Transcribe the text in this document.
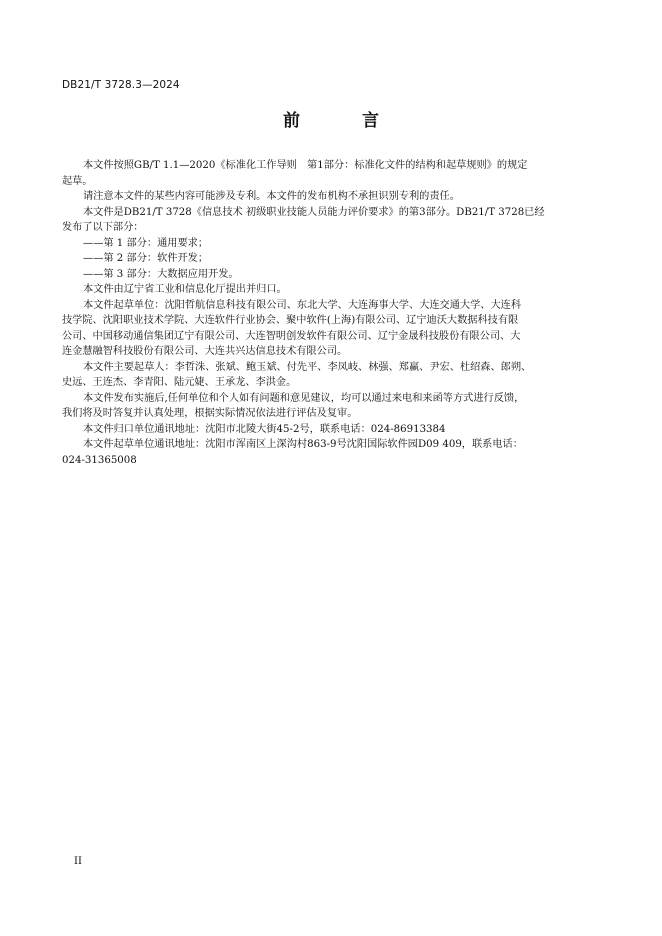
DB21/T 3728.3—2024
前 言
本文件按照GB/T 1.1—2020《标准化工作导则　第1部分：标准化文件的结构和起草规则》的规定
起草。
请注意本文件的某些内容可能涉及专利。本文件的发布机构不承担识别专利的责任。
本文件是DB21/T 3728《信息技术 初级职业技能人员能力评价要求》的第3部分。DB21/T 3728已经
发布了以下部分：
——第 1 部分：通用要求；
——第 2 部分：软件开发；
——第 3 部分：大数据应用开发。
本文件由辽宁省工业和信息化厅提出并归口。
本文件起草单位：沈阳哲航信息科技有限公司、东北大学、大连海事大学、大连交通大学、大连科
技学院、沈阳职业技术学院、大连软件行业协会、聚中软件(上海)有限公司、辽宁迪沃大数据科技有限
公司、中国移动通信集团辽宁有限公司、大连智明创发软件有限公司、辽宁金晟科技股份有限公司、大
连金慧融智科技股份有限公司、大连共兴达信息技术有限公司。
本文件主要起草人：李哲洙、张斌、鲍玉斌、付先平、李凤岐、林强、郑赢、尹宏、杜绍森、郎朔、
史远、王连杰、李青阳、陆元婕、王承龙、李洪金。
本文件发布实施后,任何单位和个人如有问题和意见建议，均可以通过来电和来函等方式进行反馈，
我们将及时答复并认真处理，根据实际情况依法进行评估及复审。
本文件归口单位通讯地址：沈阳市北陵大街45-2号，联系电话：024-86913384
本文件起草单位通讯地址：沈阳市浑南区上深沟村863-9号沈阳国际软件园D09 409，联系电话：
024-31365008
II
